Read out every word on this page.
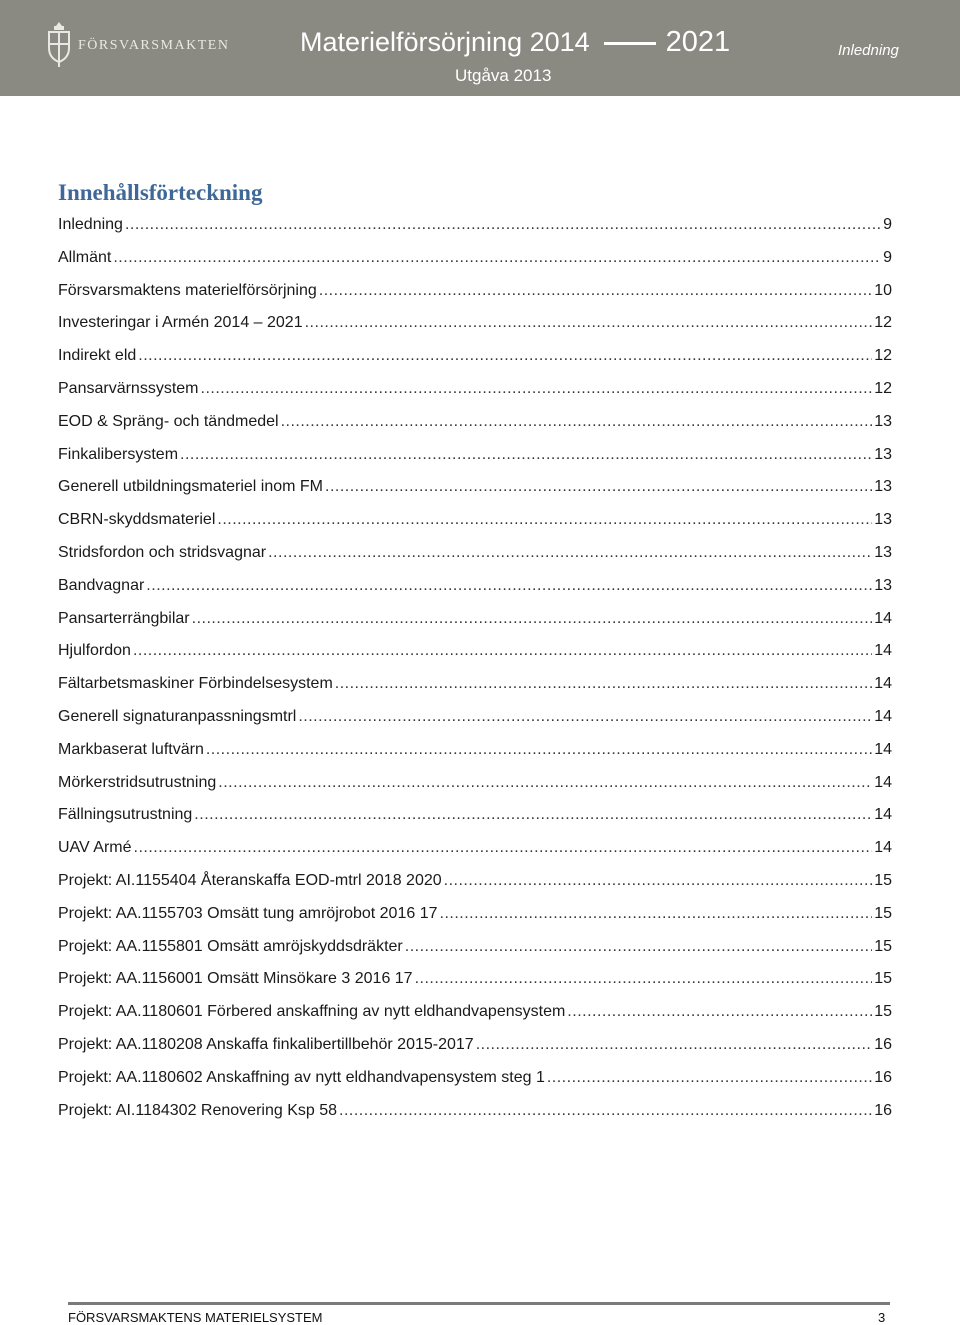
FÖRSVARSMAKTEN	Materielförsörjning 2014	2021
Utgåva 2013
Inledning
Innehållsförteckning
Inledning .....	9
Allmänt .....	9
Försvarsmaktens materielförsörjning .....	10
Investeringar i Armén 2014 – 2021 .....	12
Indirekt eld .....	12
Pansarvärnssystem .....	12
EOD & Spräng- och tändmedel .....	13
Finkalibersystem .....	13
Generell utbildningsmateriel inom FM .....	13
CBRN-skyddsmateriel .....	13
Stridsfordon och stridsvagnar .....	13
Bandvagnar .....	13
Pansarterrängbilar .....	14
Hjulfordon .....	14
Fältarbetsmaskiner Förbindelsesystem .....	14
Generell signaturanpassningsmtrl .....	14
Markbaserat luftvärn .....	14
Mörkerstridsutrustning .....	14
Fällningsutrustning .....	14
UAV Armé .....	14
Projekt: AI.1155404 Återanskaffa EOD-mtrl 2018 2020 .....	15
Projekt: AA.1155703 Omsätt tung amröjrobot 2016 17 .....	15
Projekt: AA.1155801 Omsätt amröjskyddsdräkter .....	15
Projekt: AA.1156001 Omsätt Minsökare 3 2016 17 .....	15
Projekt: AA.1180601 Förbered anskaffning av nytt eldhandvapensystem .....	15
Projekt: AA.1180208 Anskaffa finkalibertillbehör 2015-2017 .....	16
Projekt: AA.1180602 Anskaffning av nytt eldhandvapensystem steg 1 .....	16
Projekt: AI.1184302 Renovering Ksp 58 .....	16
FÖRSVARSMAKTENS MATERIELSYSTEM	3
